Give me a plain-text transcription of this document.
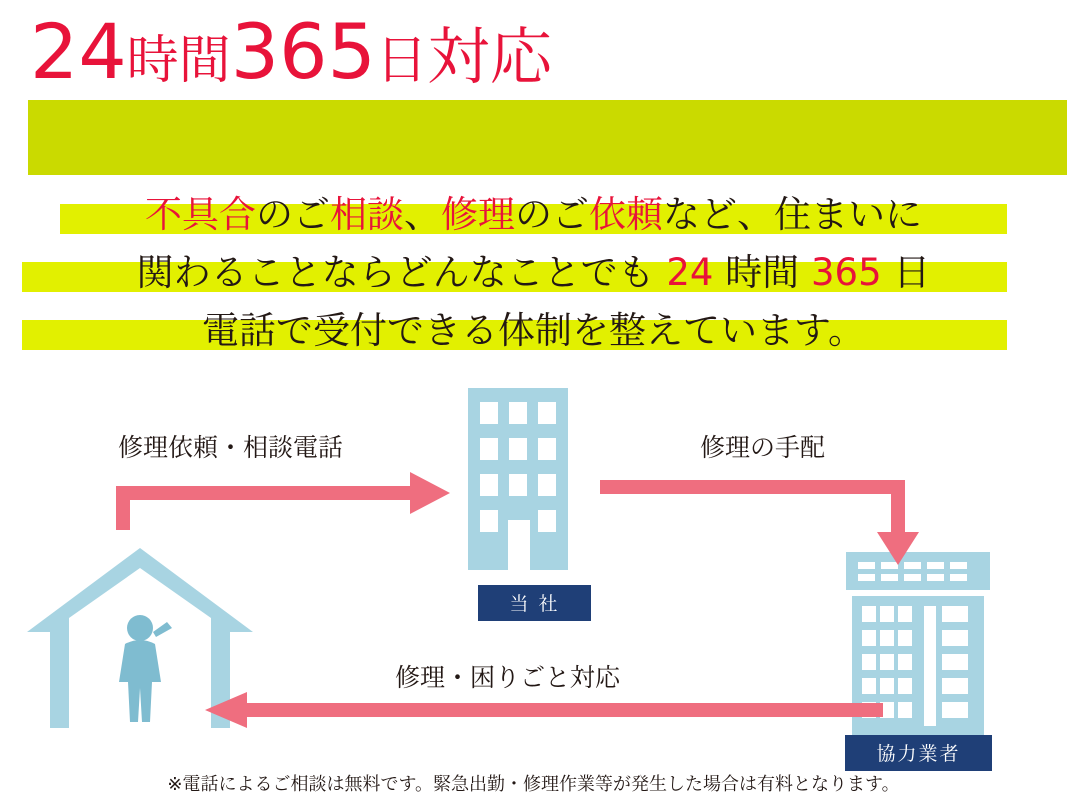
24時間365日対応
不具合のご相談、修理のご依頼など、住まいに
関わることならどんなことでも 24 時間 365 日
電話で受付できる体制を整えています。
修理依頼・相談電話	修理の手配
修理・困りごと対応
当 社
協力業者
※電話によるご相談は無料です。緊急出勤・修理作業等が発生した場合は有料となります。
